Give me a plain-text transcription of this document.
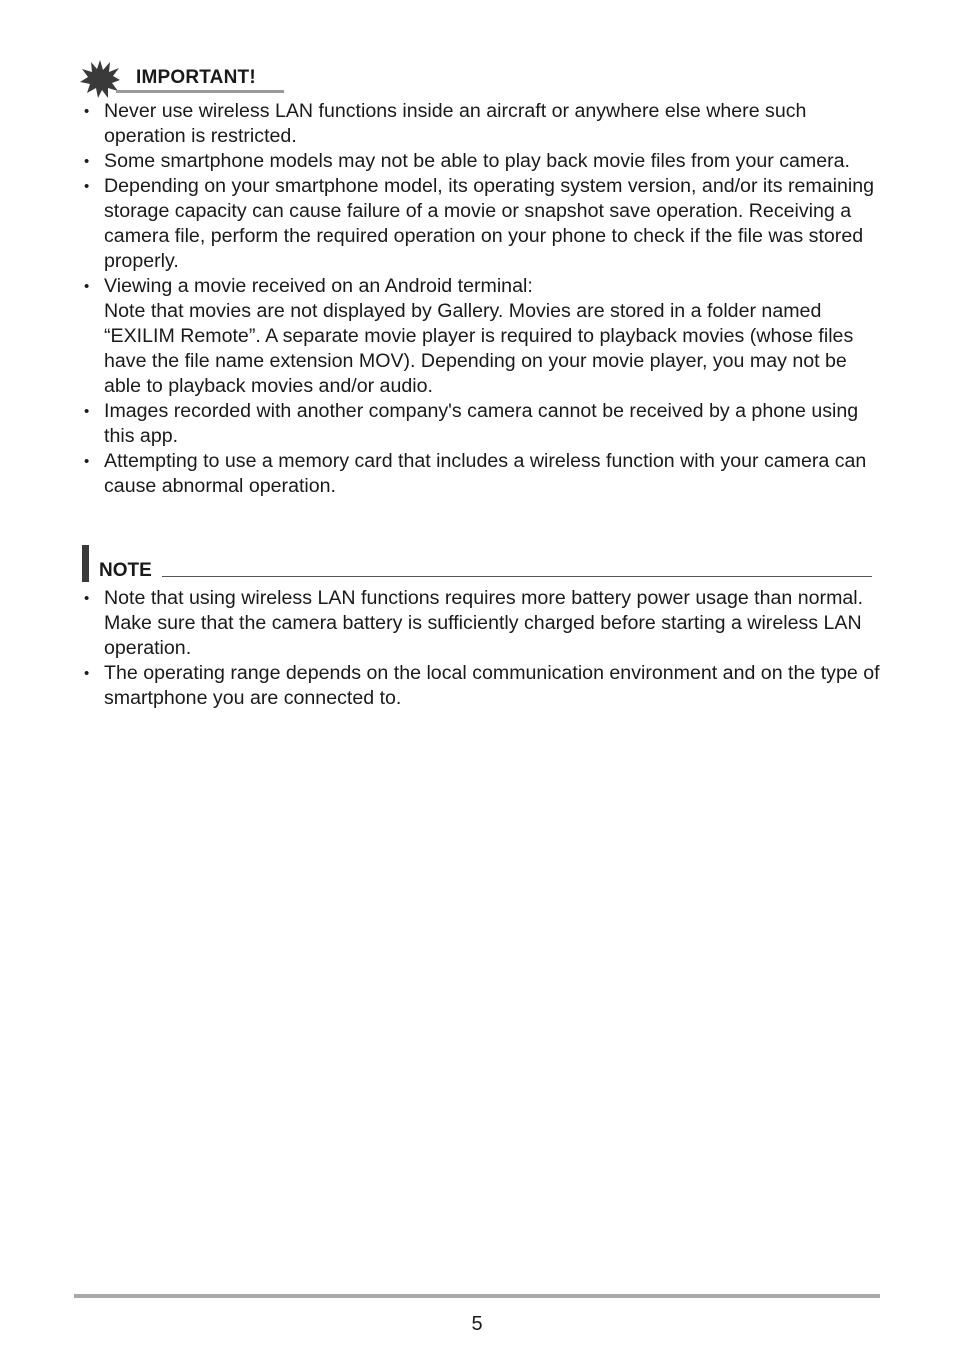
IMPORTANT!
• Never use wireless LAN functions inside an aircraft or anywhere else where such operation is restricted.
• Some smartphone models may not be able to play back movie files from your camera.
• Depending on your smartphone model, its operating system version, and/or its remaining storage capacity can cause failure of a movie or snapshot save operation. Receiving a camera file, perform the required operation on your phone to check if the file was stored properly.
• Viewing a movie received on an Android terminal:
Note that movies are not displayed by Gallery. Movies are stored in a folder named “EXILIM Remote”. A separate movie player is required to playback movies (whose files have the file name extension MOV). Depending on your movie player, you may not be able to playback movies and/or audio.
• Images recorded with another company's camera cannot be received by a phone using this app.
• Attempting to use a memory card that includes a wireless function with your camera can cause abnormal operation.
NOTE
• Note that using wireless LAN functions requires more battery power usage than normal. Make sure that the camera battery is sufficiently charged before starting a wireless LAN operation.
• The operating range depends on the local communication environment and on the type of smartphone you are connected to.
5
